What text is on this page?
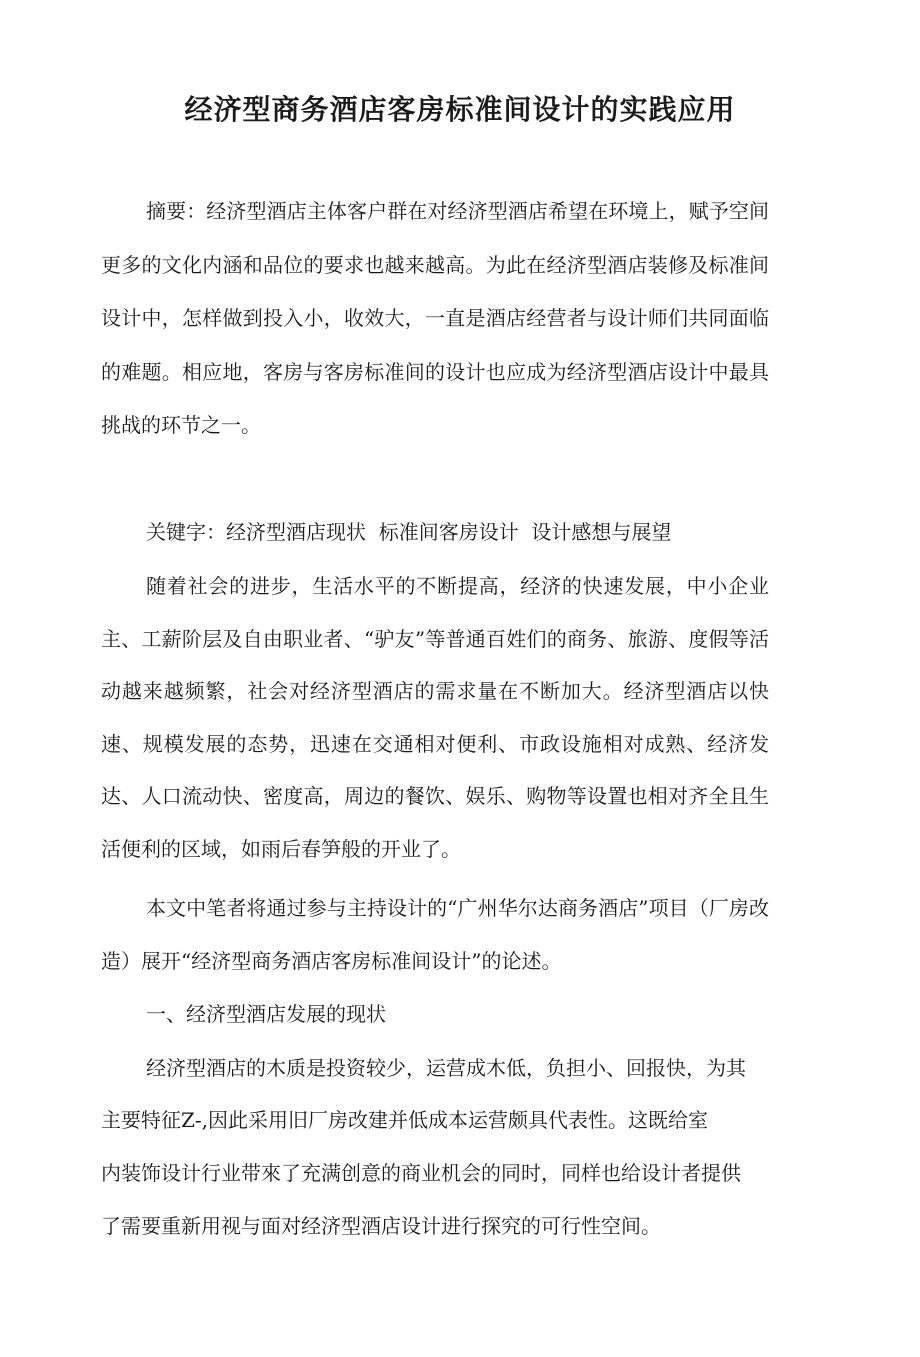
经济型商务酒店客房标准间设计的实践应用

摘要：经济型酒店主体客户群在对经济型酒店希望在环境上，赋予空间更多的文化内涵和品位的要求也越来越高。为此在经济型酒店装修及标准间设计中，怎样做到投入小，收效大，一直是酒店经营者与设计师们共同面临的难题。相应地，客房与客房标准间的设计也应成为经济型酒店设计中最具挑战的环节之一。

关键字：经济型酒店现状  标准间客房设计  设计感想与展望

随着社会的进步，生活水平的不断提高，经济的快速发展，中小企业主、工薪阶层及自由职业者、“驴友”等普通百姓们的商务、旅游、度假等活动越来越频繁，社会对经济型酒店的需求量在不断加大。经济型酒店以快速、规模发展的态势，迅速在交通相对便利、市政设施相对成熟、经济发达、人口流动快、密度高，周边的餐饮、娱乐、购物等设置也相对齐全且生活便利的区域，如雨后春笋般的开业了。

本文中笔者将通过参与主持设计的“广州华尔达商务酒店”项目（厂房改造）展开“经济型商务酒店客房标准间设计”的论述。

一、经济型酒店发展的现状

经济型酒店的木质是投资较少，运营成木低，负担小、回报快，为其
主要特征Z-,因此采用旧厂房改建并低成本运营颇具代表性。这既给室
内装饰设计行业带來了充满创意的商业机会的同时，同样也给设计者提供
了需要重新用视与面对经济型酒店设计进行探究的可行性空间。
